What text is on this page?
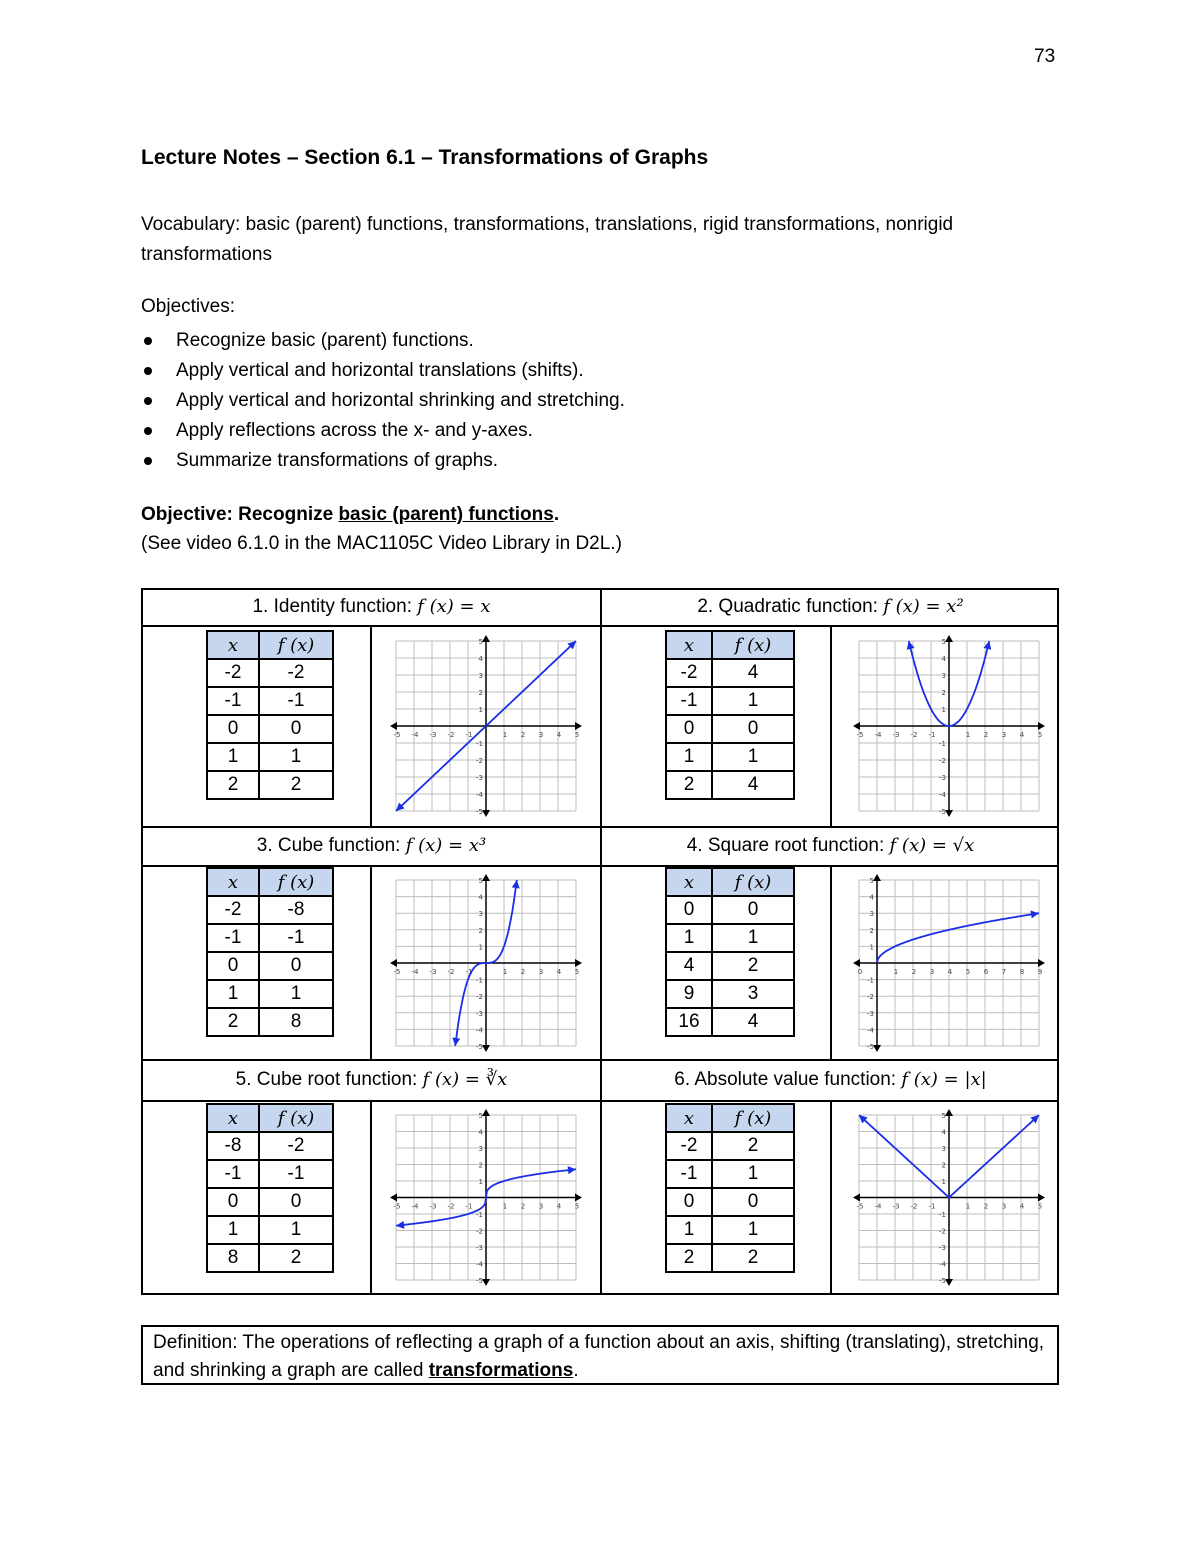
73
Lecture Notes – Section 6.1 – Transformations of Graphs
Vocabulary: basic (parent) functions, transformations, translations, rigid transformations, nonrigid transformations
Objectives:
Recognize basic (parent) functions.
Apply vertical and horizontal translations (shifts).
Apply vertical and horizontal shrinking and stretching.
Apply reflections across the x- and y-axes.
Summarize transformations of graphs.
Objective: Recognize basic (parent) functions.
(See video 6.1.0 in the MAC1105C Video Library in D2L.)
1. Identity function: f (x) = x
x	f (x)
-2	-2
-1	-1
0	0
1	1
2	2
-5 -4 -3 -2 -1	1 2 3 4 5
5
4
3
2
1
-1
-2
-3
-4
-5
2. Quadratic function: f (x) = x²
x	f (x)
-2	4
-1	1
0	0
1	1
2	4
-5 -4 -3 -2 -1	1 2 3 4 5
5
4
3
2
1
-1
-2
-3
-4
-5
3. Cube function: f (x) = x³
x	f (x)
-2	-8
-1	-1
0	0
1	1
2	8
-5 -4 -3 -2 -1	1 2 3 4 5
5
4
3
2
1
-1
-2
-3
-4
-5
4. Square root function: f (x) = √x
x	f (x)
0	0
1	1
4	2
9	3
16	4
0	1 2 3 4 5 6 7 8 9
5
4
3
2
1
-1
-2
-3
-4
-5
5. Cube root function: f (x) = ∛x
x	f (x)
-8	-2
-1	-1
0	0
1	1
8	2
-5 -4 -3 -2 -1	1 2 3 4 5
5
4
3
2
1
-1
-2
-3
-4
-5
6. Absolute value function: f (x) = |x|
x	f (x)
-2	2
-1	1
0	0
1	1
2	2
-5 -4 -3 -2 -1	1 2 3 4 5
5
4
3
2
1
-1
-2
-3
-4
-5
Definition: The operations of reflecting a graph of a function about an axis, shifting (translating), stretching, and shrinking a graph are called transformations.
